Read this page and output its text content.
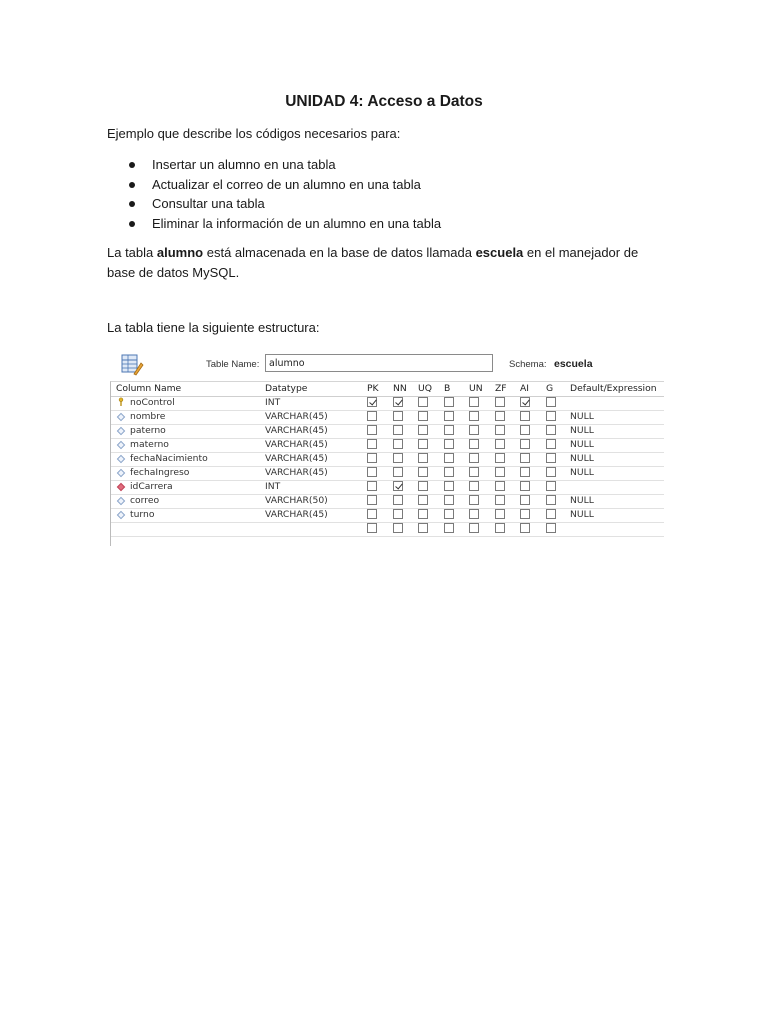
UNIDAD 4: Acceso a Datos
Ejemplo que describe los códigos necesarios para:
Insertar un alumno en una tabla
Actualizar el correo de un alumno en una tabla
Consultar una tabla
Eliminar la información de un alumno en una tabla
La tabla alumno está almacenada en la base de datos llamada escuela en el manejador de base de datos MySQL.
La tabla tiene la siguiente estructura:
Table Name:
alumno	Schema: escuela
Column Name	Datatype	PK NN UQ B UN ZF AI G Default/Expression
noControl	INT
nombre	VARCHAR(45)	NULL
paterno	VARCHAR(45)	NULL
materno	VARCHAR(45)	NULL
fechaNacimiento	VARCHAR(45)	NULL
fechaIngreso	VARCHAR(45)	NULL
idCarrera	INT
correo	VARCHAR(50)	NULL
turno	VARCHAR(45)	NULL
